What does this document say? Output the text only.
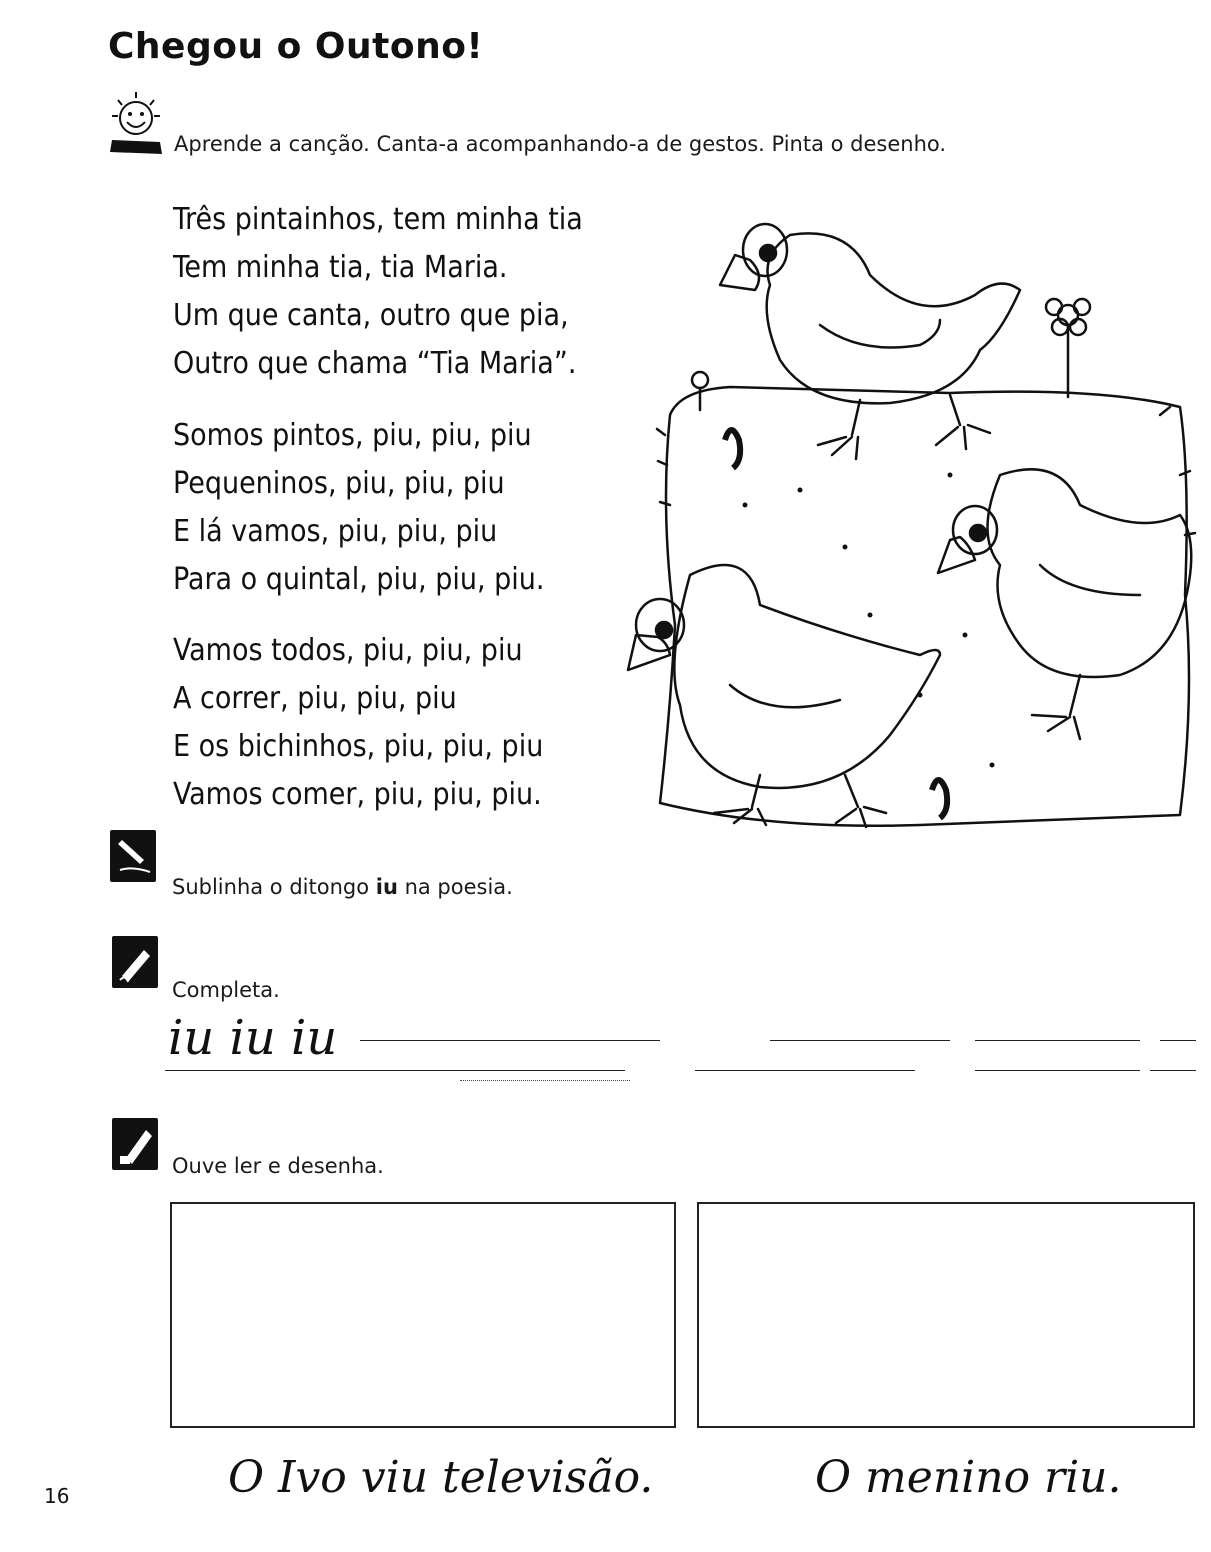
Chegou o Outono!
Aprende a canção. Canta-a acompanhando-a de gestos. Pinta o desenho.
Três pintainhos, tem minha tia
Tem minha tia, tia Maria.
Um que canta, outro que pia,
Outro que chama “Tia Maria”.
Somos pintos, piu, piu, piu
Pequeninos, piu, piu, piu
E lá vamos, piu, piu, piu
Para o quintal, piu, piu, piu.
Vamos todos, piu, piu, piu
A correr, piu, piu, piu
E os bichinhos, piu, piu, piu
Vamos comer, piu, piu, piu.
Sublinha o ditongo iu na poesia.
Completa.
iu iu iu
Ouve ler e desenha.
O Ivo viu televisão.	O menino riu.
16
